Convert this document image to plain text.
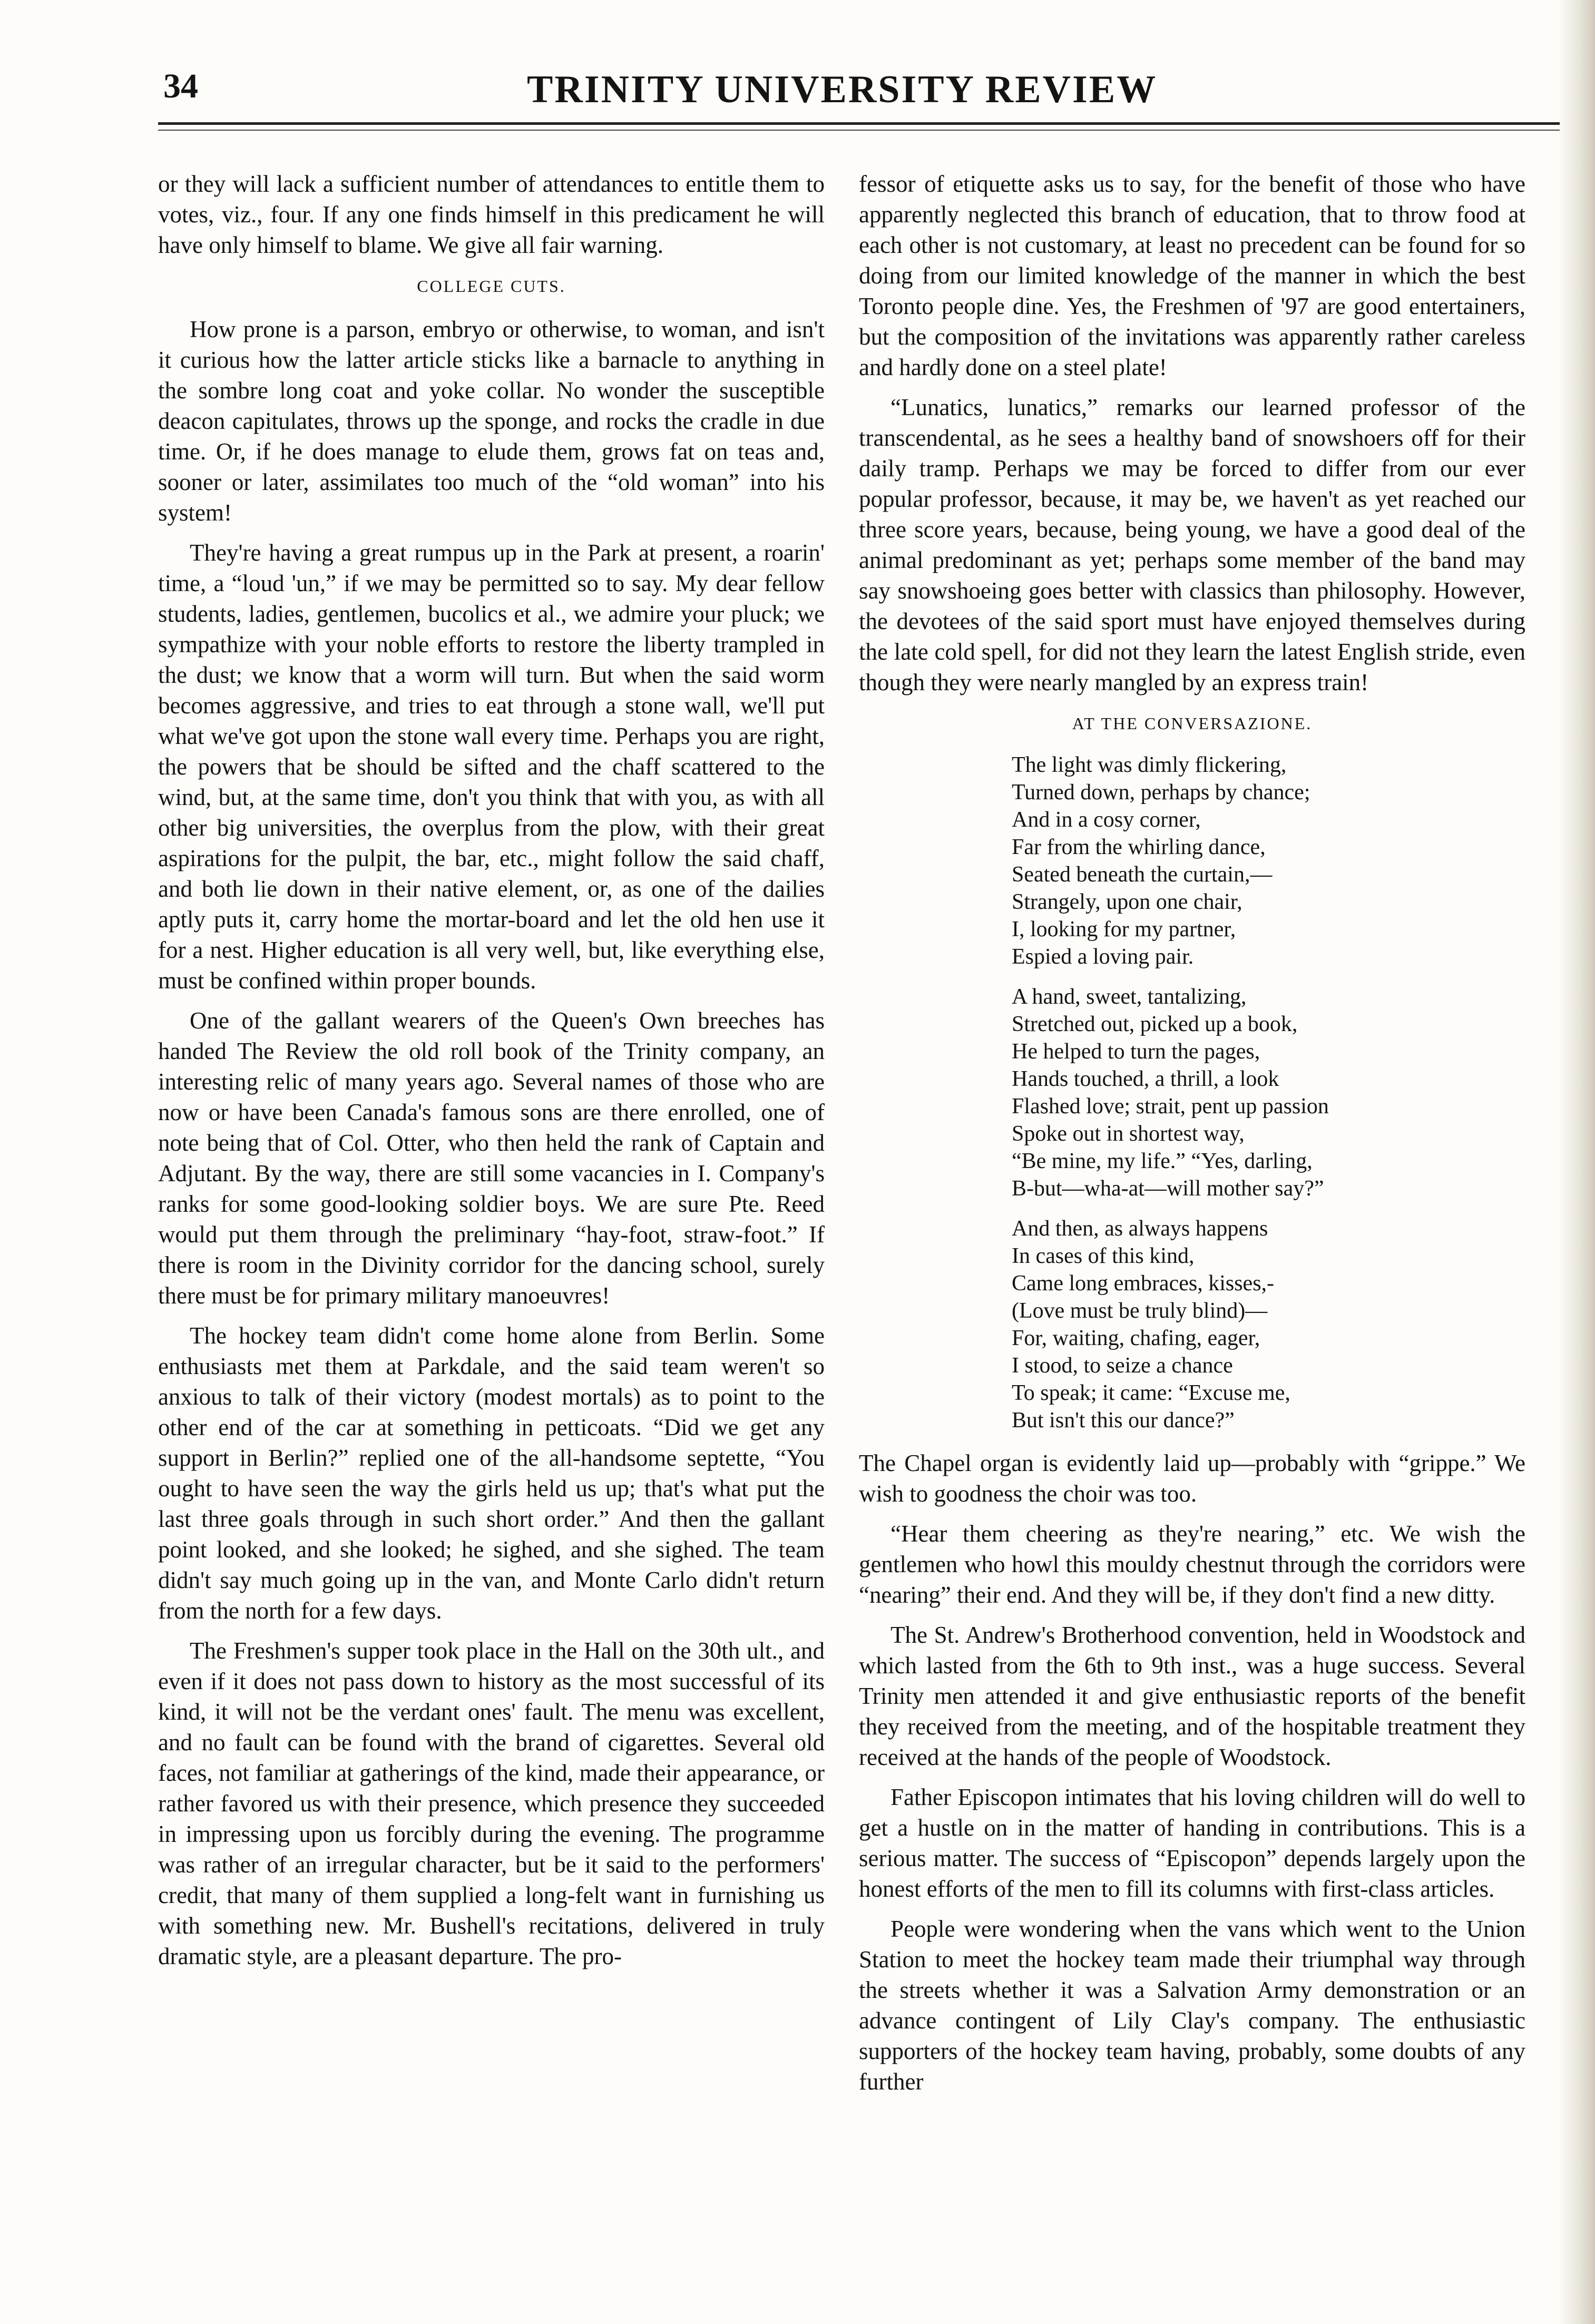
34	TRINITY UNIVERSITY REVIEW

or they will lack a sufficient number of attendances to entitle them to votes, viz., four. If any one finds himself in this predicament he will have only himself to blame. We give all fair warning.

COLLEGE CUTS.

How prone is a parson, embryo or otherwise, to woman, and isn't it curious how the latter article sticks like a barnacle to anything in the sombre long coat and yoke collar. No wonder the susceptible deacon capitulates, throws up the sponge, and rocks the cradle in due time. Or, if he does manage to elude them, grows fat on teas and, sooner or later, assimilates too much of the “old woman” into his system!

They're having a great rumpus up in the Park at present, a roarin' time, a “loud 'un,” if we may be permitted so to say. My dear fellow students, ladies, gentlemen, bucolics et al., we admire your pluck; we sympathize with your noble efforts to restore the liberty trampled in the dust; we know that a worm will turn. But when the said worm becomes aggressive, and tries to eat through a stone wall, we'll put what we've got upon the stone wall every time. Perhaps you are right, the powers that be should be sifted and the chaff scattered to the wind, but, at the same time, don't you think that with you, as with all other big universities, the overplus from the plow, with their great aspirations for the pulpit, the bar, etc., might follow the said chaff, and both lie down in their native element, or, as one of the dailies aptly puts it, carry home the mortar-board and let the old hen use it for a nest. Higher education is all very well, but, like everything else, must be confined within proper bounds.

One of the gallant wearers of the Queen's Own breeches has handed The Review the old roll book of the Trinity company, an interesting relic of many years ago. Several names of those who are now or have been Canada's famous sons are there enrolled, one of note being that of Col. Otter, who then held the rank of Captain and Adjutant. By the way, there are still some vacancies in I. Company's ranks for some good-looking soldier boys. We are sure Pte. Reed would put them through the preliminary “hay-foot, straw-foot.” If there is room in the Divinity corridor for the dancing school, surely there must be for primary military manoeuvres!

The hockey team didn't come home alone from Berlin. Some enthusiasts met them at Parkdale, and the said team weren't so anxious to talk of their victory (modest mortals) as to point to the other end of the car at something in petticoats. “Did we get any support in Berlin?” replied one of the all-handsome septette, “You ought to have seen the way the girls held us up; that's what put the last three goals through in such short order.” And then the gallant point looked, and she looked; he sighed, and she sighed. The team didn't say much going up in the van, and Monte Carlo didn't return from the north for a few days.

The Freshmen's supper took place in the Hall on the 30th ult., and even if it does not pass down to history as the most successful of its kind, it will not be the verdant ones' fault. The menu was excellent, and no fault can be found with the brand of cigarettes. Several old faces, not familiar at gatherings of the kind, made their appearance, or rather favored us with their presence, which presence they succeeded in impressing upon us forcibly during the evening. The programme was rather of an irregular character, but be it said to the performers' credit, that many of them supplied a long-felt want in furnishing us with something new. Mr. Bushell's recitations, delivered in truly dramatic style, are a pleasant departure. The pro-

fessor of etiquette asks us to say, for the benefit of those who have apparently neglected this branch of education, that to throw food at each other is not customary, at least no precedent can be found for so doing from our limited knowledge of the manner in which the best Toronto people dine. Yes, the Freshmen of '97 are good entertainers, but the composition of the invitations was apparently rather careless and hardly done on a steel plate!

“Lunatics, lunatics,” remarks our learned professor of the transcendental, as he sees a healthy band of snowshoers off for their daily tramp. Perhaps we may be forced to differ from our ever popular professor, because, it may be, we haven't as yet reached our three score years, because, being young, we have a good deal of the animal predominant as yet; perhaps some member of the band may say snowshoeing goes better with classics than philosophy. However, the devotees of the said sport must have enjoyed themselves during the late cold spell, for did not they learn the latest English stride, even though they were nearly mangled by an express train!

AT THE CONVERSAZIONE.
The light was dimly flickering,
Turned down, perhaps by chance;
And in a cosy corner,
Far from the whirling dance,
Seated beneath the curtain,—
Strangely, upon one chair,
I, looking for my partner,
Espied a loving pair.
A hand, sweet, tantalizing,
Stretched out, picked up a book,
He helped to turn the pages,
Hands touched, a thrill, a look
Flashed love; strait, pent up passion
Spoke out in shortest way,
“Be mine, my life.” “Yes, darling,
B-but—wha-at—will mother say?”
And then, as always happens
In cases of this kind,
Came long embraces, kisses,-
(Love must be truly blind)—
For, waiting, chafing, eager,
I stood, to seize a chance
To speak; it came: “Excuse me,
But isn't this our dance?”

The Chapel organ is evidently laid up—probably with “grippe.” We wish to goodness the choir was too.

“Hear them cheering as they're nearing,” etc. We wish the gentlemen who howl this mouldy chestnut through the corridors were “nearing” their end. And they will be, if they don't find a new ditty.

The St. Andrew's Brotherhood convention, held in Woodstock and which lasted from the 6th to 9th inst., was a huge success. Several Trinity men attended it and give enthusiastic reports of the benefit they received from the meeting, and of the hospitable treatment they received at the hands of the people of Woodstock.

Father Episcopon intimates that his loving children will do well to get a hustle on in the matter of handing in contributions. This is a serious matter. The success of “Episcopon” depends largely upon the honest efforts of the men to fill its columns with first-class articles.

People were wondering when the vans which went to the Union Station to meet the hockey team made their triumphal way through the streets whether it was a Salvation Army demonstration or an advance contingent of Lily Clay's company. The enthusiastic supporters of the hockey team having, probably, some doubts of any further
